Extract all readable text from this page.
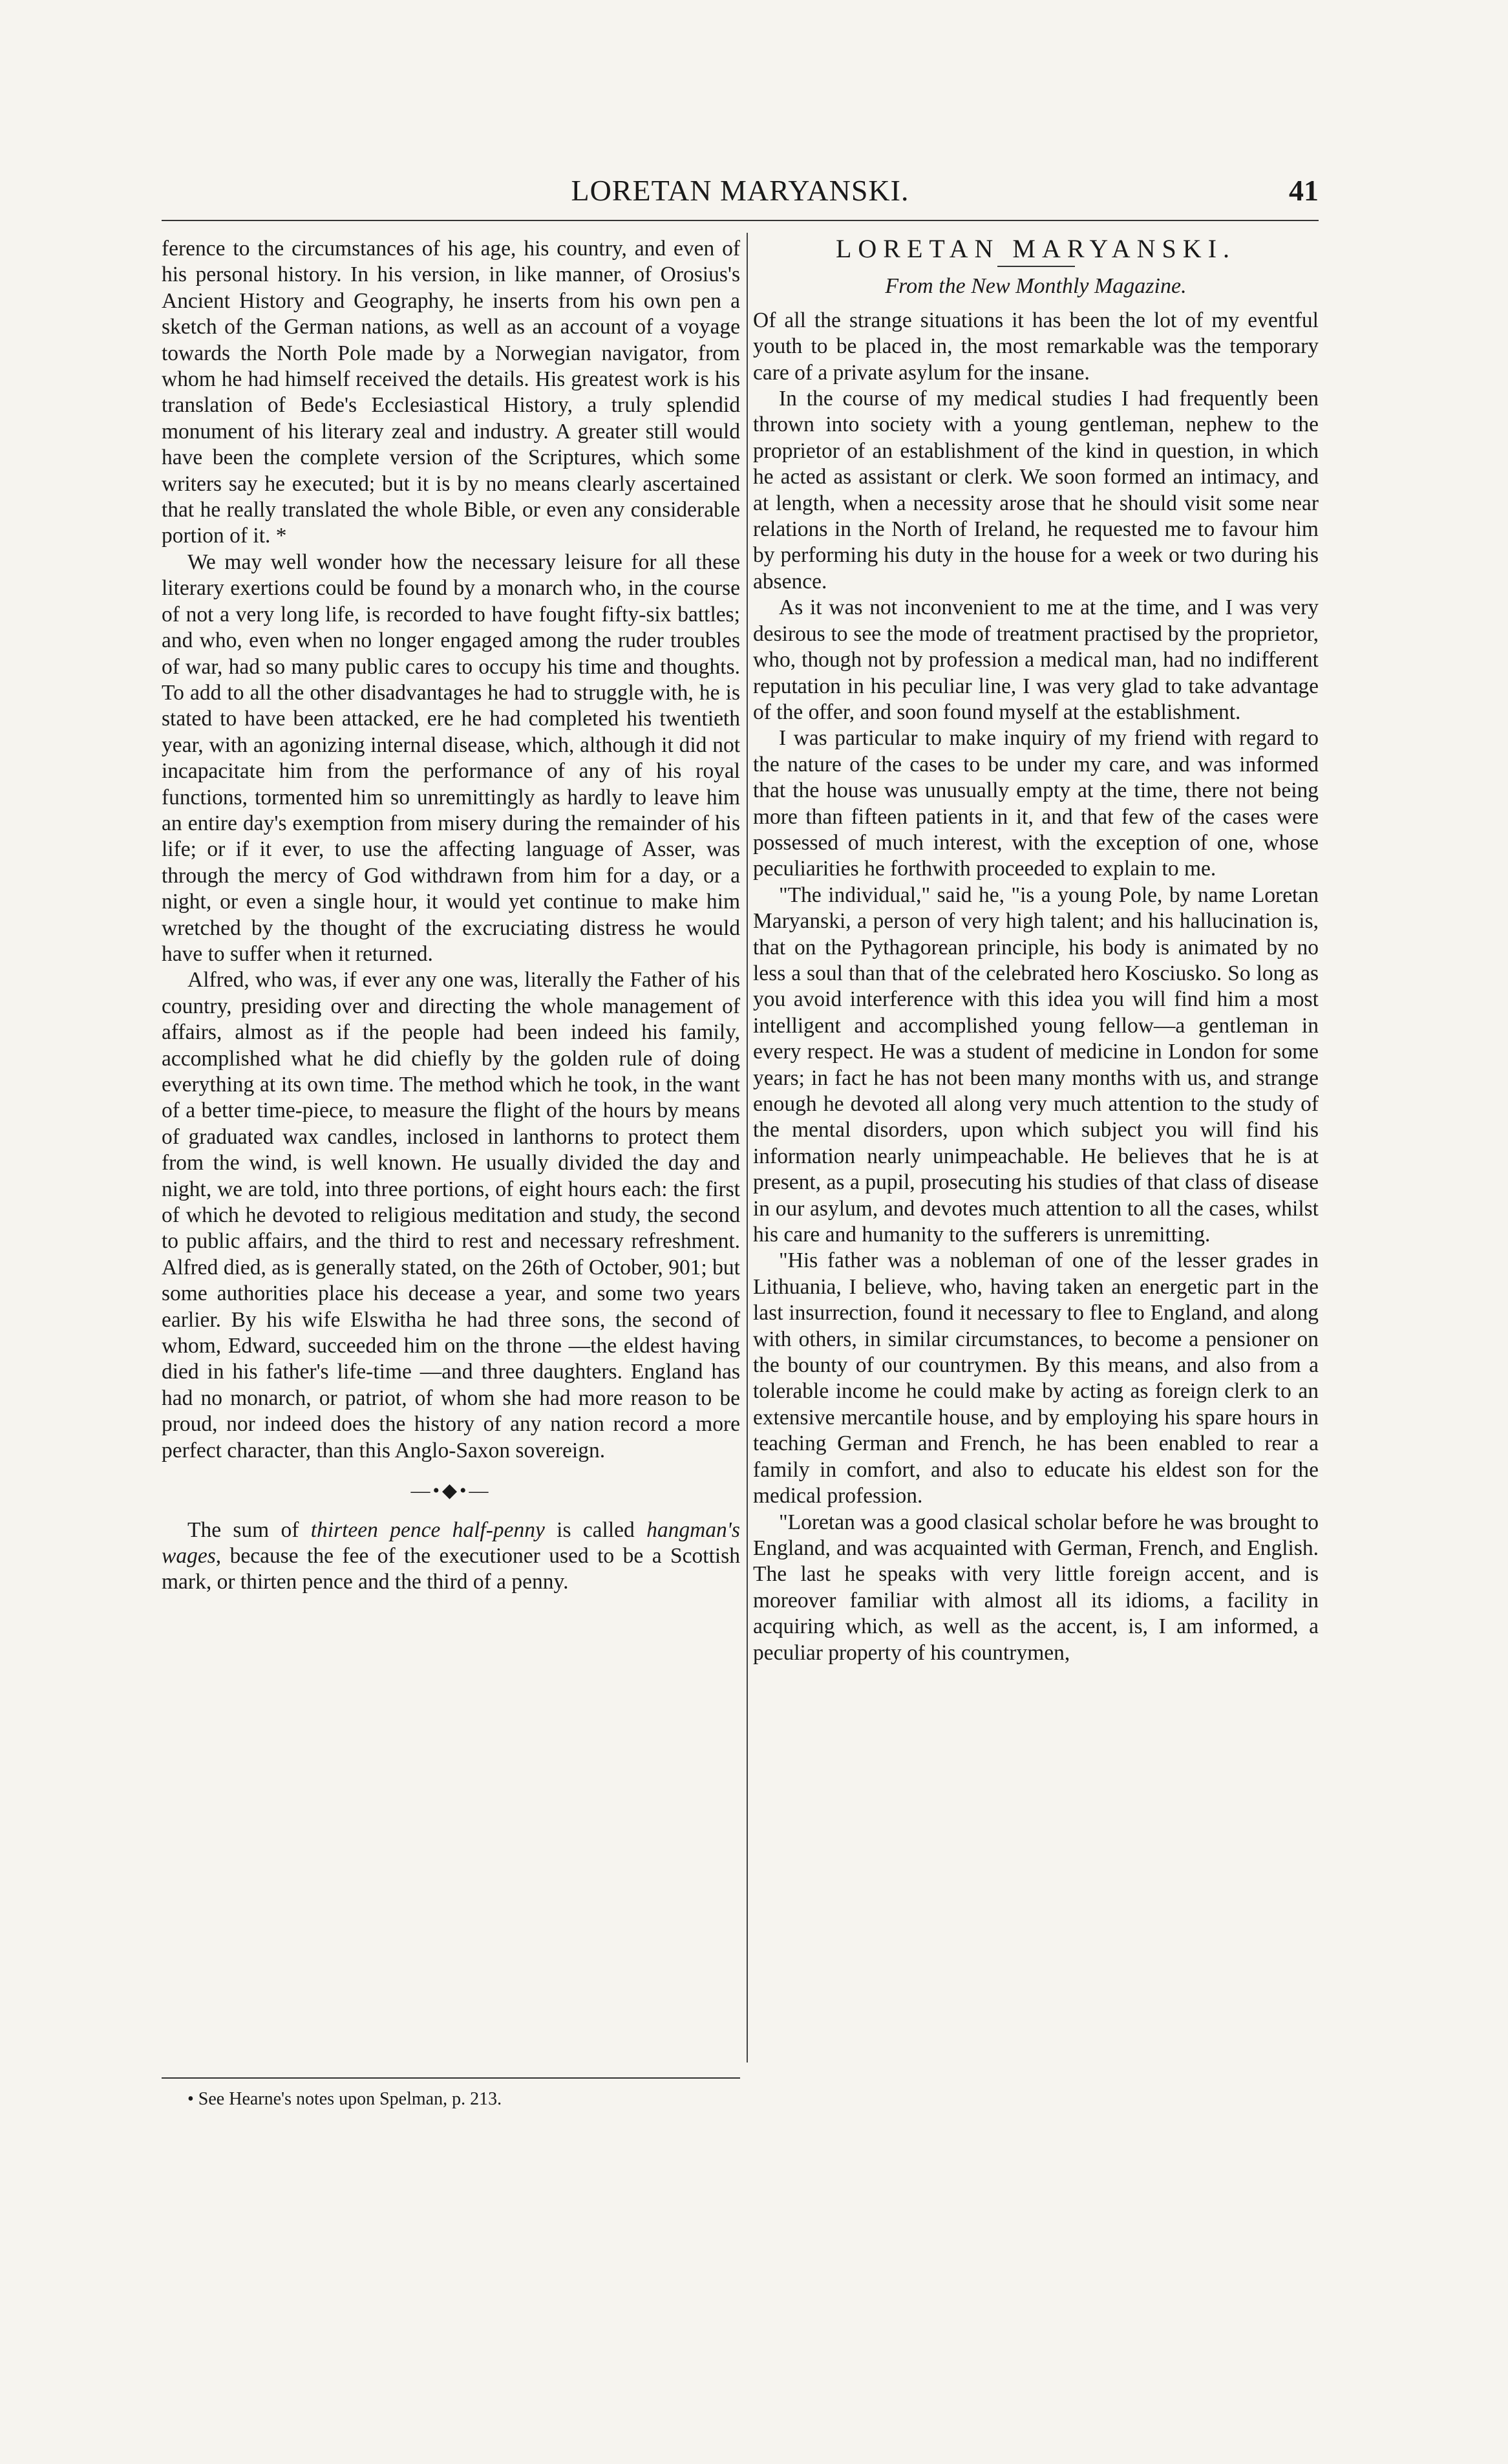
LORETAN MARYANSKI.	41

ference to the circumstances of his age, his country, and even of his personal history. In his version, in like manner, of Orosius's Ancient History and Geography, he inserts from his own pen a sketch of the German nations, as well as an account of a voyage towards the North Pole made by a Norwegian navigator, from whom he had himself received the details. His greatest work is his translation of Bede's Ecclesiastical History, a truly splendid monument of his literary zeal and industry. A greater still would have been the complete version of the Scriptures, which some writers say he executed; but it is by no means clearly ascertained that he really translated the whole Bible, or even any considerable portion of it. *

We may well wonder how the necessary leisure for all these literary exertions could be found by a monarch who, in the course of not a very long life, is recorded to have fought fifty-six battles; and who, even when no longer engaged among the ruder troubles of war, had so many public cares to occupy his time and thoughts. To add to all the other disadvantages he had to struggle with, he is stated to have been attacked, ere he had completed his twentieth year, with an agonizing internal disease, which, although it did not incapacitate him from the performance of any of his royal functions, tormented him so unremittingly as hardly to leave him an entire day's exemption from misery during the remainder of his life; or if it ever, to use the affecting language of Asser, was through the mercy of God withdrawn from him for a day, or a night, or even a single hour, it would yet continue to make him wretched by the thought of the excruciating distress he would have to suffer when it returned.

Alfred, who was, if ever any one was, literally the Father of his country, presiding over and directing the whole management of affairs, almost as if the people had been indeed his family, accomplished what he did chiefly by the golden rule of doing everything at its own time. The method which he took, in the want of a better time-piece, to measure the flight of the hours by means of graduated wax candles, inclosed in lanthorns to protect them from the wind, is well known. He usually divided the day and night, we are told, into three portions, of eight hours each: the first of which he devoted to religious meditation and study, the second to public affairs, and the third to rest and necessary refreshment. Alfred died, as is generally stated, on the 26th of October, 901; but some authorities place his decease a year, and some two years earlier. By his wife Elswitha he had three sons, the second of whom, Edward, succeeded him on the throne —the eldest having died in his father's life-time —and three daughters. England has had no monarch, or patriot, of whom she had more reason to be proud, nor indeed does the history of any nation record a more perfect character, than this Anglo-Saxon sovereign.

—•◆•—

The sum of thirteen pence half-penny is called hangman's wages, because the fee of the executioner used to be a Scottish mark, or thirten pence and the third of a penny.

LORETAN MARYANSKI.
From the New Monthly Magazine.

Of all the strange situations it has been the lot of my eventful youth to be placed in, the most remarkable was the temporary care of a private asylum for the insane.

In the course of my medical studies I had frequently been thrown into society with a young gentleman, nephew to the proprietor of an establishment of the kind in question, in which he acted as assistant or clerk. We soon formed an intimacy, and at length, when a necessity arose that he should visit some near relations in the North of Ireland, he requested me to favour him by performing his duty in the house for a week or two during his absence.

As it was not inconvenient to me at the time, and I was very desirous to see the mode of treatment practised by the proprietor, who, though not by profession a medical man, had no indifferent reputation in his peculiar line, I was very glad to take advantage of the offer, and soon found myself at the establishment.

I was particular to make inquiry of my friend with regard to the nature of the cases to be under my care, and was informed that the house was unusually empty at the time, there not being more than fifteen patients in it, and that few of the cases were possessed of much interest, with the exception of one, whose peculiarities he forthwith proceeded to explain to me.

"The individual," said he, "is a young Pole, by name Loretan Maryanski, a person of very high talent; and his hallucination is, that on the Pythagorean principle, his body is animated by no less a soul than that of the celebrated hero Kosciusko. So long as you avoid interference with this idea you will find him a most intelligent and accomplished young fellow—a gentleman in every respect. He was a student of medicine in London for some years; in fact he has not been many months with us, and strange enough he devoted all along very much attention to the study of the mental disorders, upon which subject you will find his information nearly unimpeachable. He believes that he is at present, as a pupil, prosecuting his studies of that class of disease in our asylum, and devotes much attention to all the cases, whilst his care and humanity to the sufferers is unremitting.

"His father was a nobleman of one of the lesser grades in Lithuania, I believe, who, having taken an energetic part in the last insurrection, found it necessary to flee to England, and along with others, in similar circumstances, to become a pensioner on the bounty of our countrymen. By this means, and also from a tolerable income he could make by acting as foreign clerk to an extensive mercantile house, and by employing his spare hours in teaching German and French, he has been enabled to rear a family in comfort, and also to educate his eldest son for the medical profession.

"Loretan was a good clasical scholar before he was brought to England, and was acquainted with German, French, and English. The last he speaks with very little foreign accent, and is moreover familiar with almost all its idioms, a facility in acquiring which, as well as the accent, is, I am informed, a peculiar property of his countrymen,

• See Hearne's notes upon Spelman, p. 213.
